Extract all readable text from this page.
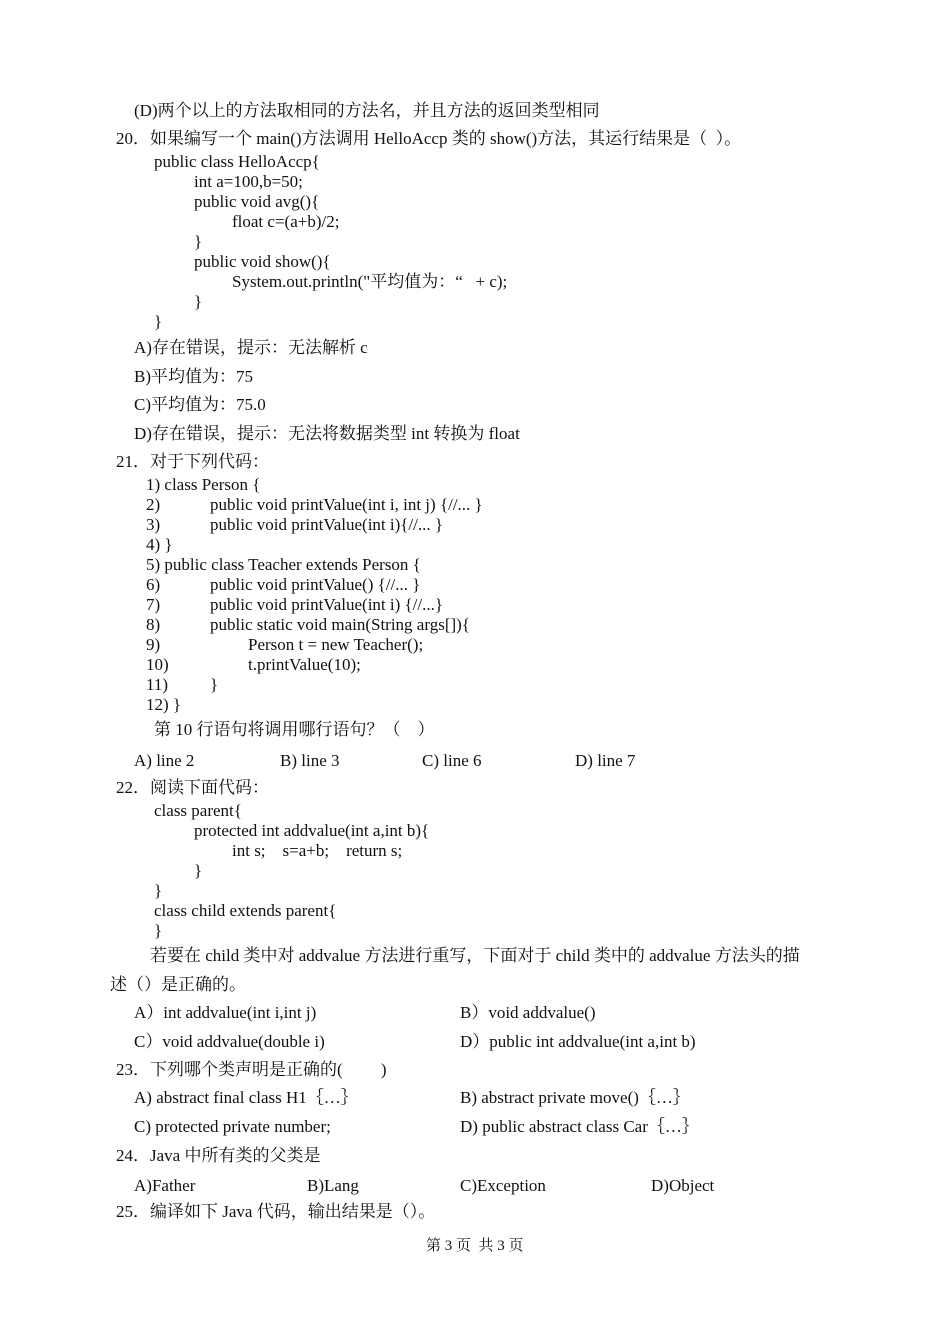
(D)两个以上的方法取相同的方法名，并且方法的返回类型相同
20．如果编写一个 main()方法调用 HelloAccp 类的 show()方法，其运行结果是（  ）。
public class HelloAccp{
int a=100,b=50;
public void avg(){
float c=(a+b)/2;
}
public void show(){
System.out.println("平均值为：“   + c);
}
}
A)存在错误，提示：无法解析 c
B)平均值为：75
C)平均值为：75.0
D)存在错误，提示：无法将数据类型 int 转换为 float
21．对于下列代码：
1) class Person {
2)	public void printValue(int i, int j) {//... }
3)	public void printValue(int i){//... }
4) }
5) public class Teacher extends Person {
6)	public void printValue() {//... }
7)	public void printValue(int i) {//...}
8)	public static void main(String args[]){
9)	Person t = new Teacher();
10)	t.printValue(10);
11) }
12) }
第 10 行语句将调用哪行语句？（    ）
A) line 2	B) line 3	C) line 6	D) line 7
22．阅读下面代码：
class parent{
protected int addvalue(int a,int b){
int s;    s=a+b;    return s;
}
}
class child extends parent{
}
若要在 child 类中对 addvalue 方法进行重写，下面对于 child 类中的 addvalue 方法头的描
述（）是正确的。
A）int addvalue(int i,int j)	B）void addvalue()
C）void addvalue(double i)	D）public int addvalue(int a,int b)
23．下列哪个类声明是正确的(         )
A) abstract final class H1｛…｝	B) abstract private move()｛…｝
C) protected private number;	D) public abstract class Car｛…｝
24．Java 中所有类的父类是
A)Father	B)Lang	C)Exception	D)Object
25．编译如下 Java 代码，输出结果是（）。
第 3 页  共 3 页
